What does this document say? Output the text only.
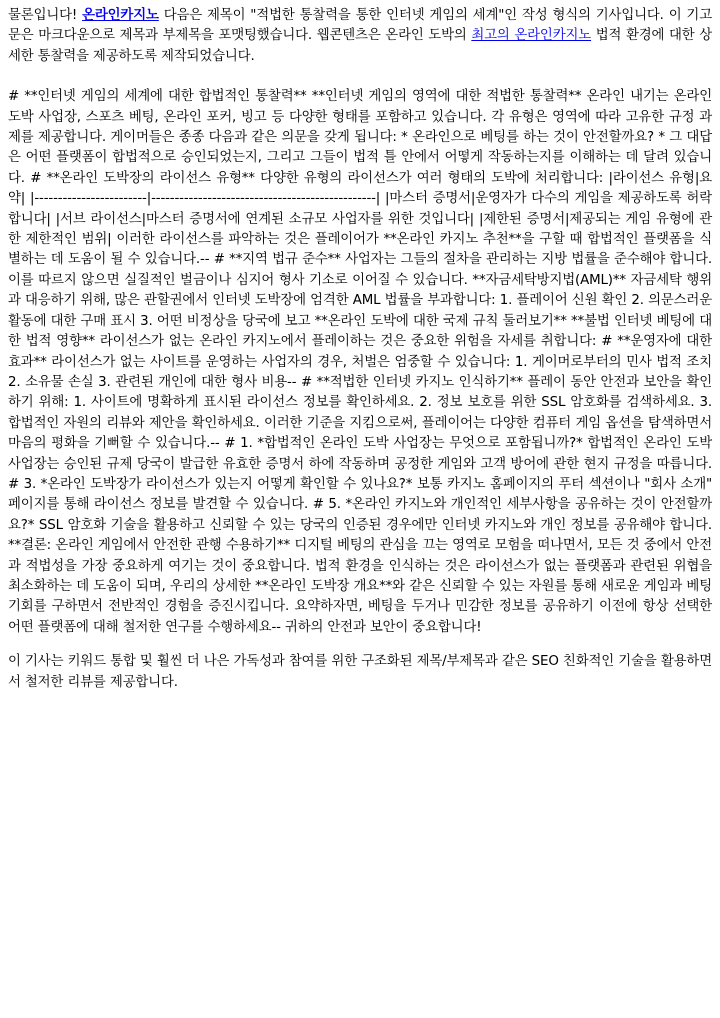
물론입니다! 온라인카지노 다음은 제목이 "적법한 통찰력을 통한 인터넷 게임의 세계"인 작성 형식의 기사입니다. 이 기고문은 마크다운으로 제목과 부제목을 포맷팅했습니다. 웹콘텐츠은 온라인 도박의 최고의 온라인카지노 법적 환경에 대한 상세한 통찰력을 제공하도록 제작되었습니다.

# **인터넷 게임의 세계에 대한 합법적인 통찰력** **인터넷 게임의 영역에 대한 적법한 통찰력** 온라인 내기는 온라인 도박 사업장, 스포츠 베팅, 온라인 포커, 빙고 등 다양한 형태를 포함하고 있습니다. 각 유형은 영역에 따라 고유한 규정 과제를 제공합니다. 게이머들은 종종 다음과 같은 의문을 갖게 됩니다: * 온라인으로 베팅를 하는 것이 안전할까요? * 그 대답은 어떤 플랫폼이 합법적으로 승인되었는지, 그리고 그들이 법적 틀 안에서 어떻게 작동하는지를 이해하는 데 달려 있습니다. # **온라인 도박장의 라이선스 유형** 다양한 유형의 라이선스가 여러 형태의 도박에 처리합니다: |라이선스 유형|요약| |------------------------|------------------------------------------------| |마스터 증명서|운영자가 다수의 게임을 제공하도록 허락합니다| |서브 라이선스|마스터 증명서에 연계된 소규모 사업자를 위한 것입니다| |제한된 증명서|제공되는 게임 유형에 관한 제한적인 범위| 이러한 라이선스를 파악하는 것은 플레이어가 **온라인 카지노 추천**을 구할 때 합법적인 플랫폼을 식별하는 데 도움이 될 수 있습니다.-- # **지역 법규 준수** 사업자는 그들의 절차을 관리하는 지방 법률을 준수해야 합니다. 이를 따르지 않으면 실질적인 벌금이나 심지어 형사 기소로 이어질 수 있습니다. **자금세탁방지법(AML)** 자금세탁 행위과 대응하기 위해, 많은 관할권에서 인터넷 도박장에 엄격한 AML 법률을 부과합니다: 1. 플레이어 신원 확인 2. 의문스러운 활동에 대한 구매 표시 3. 어떤 비정상을 당국에 보고 **온라인 도박에 대한 국제 규칙 둘러보기** **불법 인터넷 베팅에 대한 법적 영향** 라이선스가 없는 온라인 카지노에서 플레이하는 것은 중요한 위험을 자세를 취합니다: # **운영자에 대한 효과** 라이선스가 없는 사이트를 운영하는 사업자의 경우, 처벌은 엄중할 수 있습니다: 1. 게이머로부터의 민사 법적 조치 2. 소유물 손실 3. 관련된 개인에 대한 형사 비용-- # **적법한 인터넷 카지노 인식하기** 플레이 동안 안전과 보안을 확인하기 위해: 1. 사이트에 명확하게 표시된 라이선스 정보를 확인하세요. 2. 정보 보호를 위한 SSL 암호화를 검색하세요. 3. 합법적인 자원의 리뷰와 제안을 확인하세요. 이러한 기준을 지킴으로써, 플레이어는 다양한 컴퓨터 게임 옵션을 탐색하면서 마음의 평화을 기뻐할 수 있습니다.-- # 1. *합법적인 온라인 도박 사업장는 무엇으로 포함됩니까?* 합법적인 온라인 도박 사업장는 승인된 규제 당국이 발급한 유효한 증명서 하에 작동하며 공정한 게임와 고객 방어에 관한 현지 규정을 따릅니다. # 3. *온라인 도박장가 라이선스가 있는지 어떻게 확인할 수 있나요?* 보통 카지노 홈페이지의 푸터 섹션이나 "회사 소개" 페이지를 통해 라이선스 정보를 발견할 수 있습니다. # 5. *온라인 카지노와 개인적인 세부사항을 공유하는 것이 안전할까요?* SSL 암호화 기술을 활용하고 신뢰할 수 있는 당국의 인증된 경우에만 인터넷 카지노와 개인 정보를 공유해야 합니다. **결론: 온라인 게임에서 안전한 관행 수용하기** 디지털 베팅의 관심을 끄는 영역로 모험을 떠나면서, 모든 것 중에서 안전과 적법성을 가장 중요하게 여기는 것이 중요합니다. 법적 환경을 인식하는 것은 라이선스가 없는 플랫폼과 관련된 위협을 최소화하는 데 도움이 되며, 우리의 상세한 **온라인 도박장 개요**와 같은 신뢰할 수 있는 자원를 통해 새로운 게임과 베팅 기회를 구하면서 전반적인 경험을 증진시킵니다. 요약하자면, 베팅을 두거나 민감한 정보를 공유하기 이전에 항상 선택한 어떤 플랫폼에 대해 철저한 연구를 수행하세요-- 귀하의 안전과 보안이 중요합니다!

이 기사는 키워드 통합 및 훨씬 더 나은 가독성과 참여를 위한 구조화된 제목/부제목과 같은 SEO 친화적인 기술을 활용하면서 철저한 리뷰를 제공합니다.
